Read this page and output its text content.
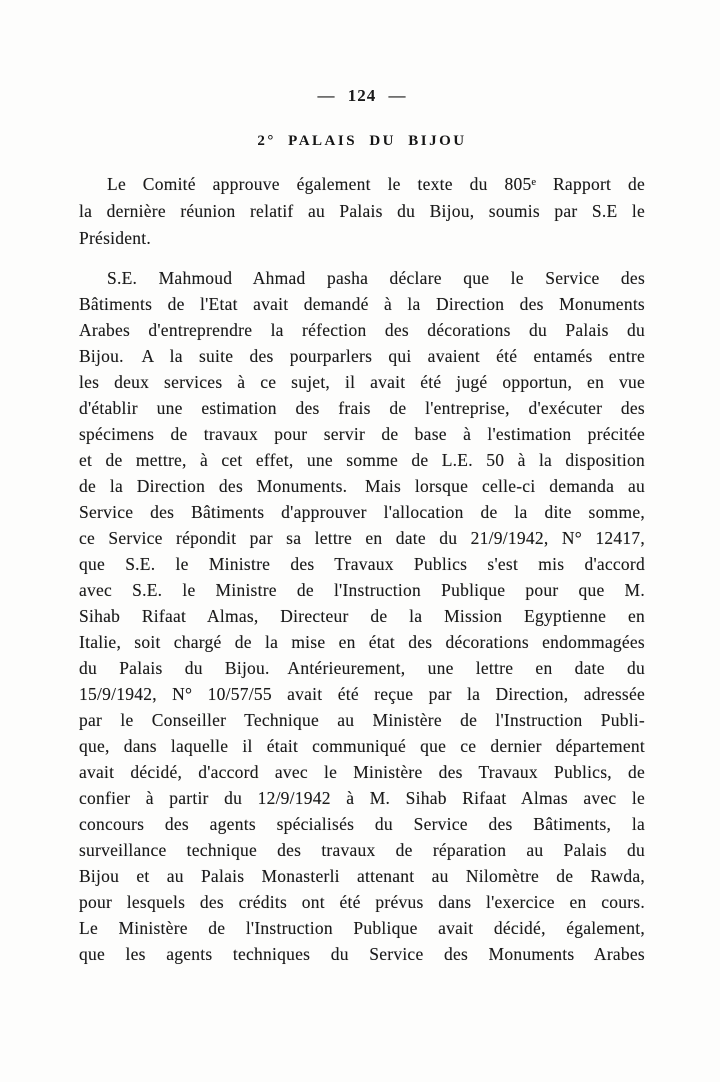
— 124 —
2° PALAIS DU BIJOU
Le Comité approuve également le texte du 805ᵉ Rapport de
la dernière réunion relatif au Palais du Bijou, soumis par S.E le
Président.
S.E. Mahmoud Ahmad pasha déclare que le Service des
Bâtiments de l'Etat avait demandé à la Direction des Monuments
Arabes d'entreprendre la réfection des décorations du Palais du
Bijou. A la suite des pourparlers qui avaient été entamés entre
les deux services à ce sujet, il avait été jugé opportun, en vue
d'établir une estimation des frais de l'entreprise, d'exécuter des
spécimens de travaux pour servir de base à l'estimation précitée
et de mettre, à cet effet, une somme de L.E. 50 à la disposition
de la Direction des Monuments. Mais lorsque celle-ci demanda au
Service des Bâtiments d'approuver l'allocation de la dite somme,
ce Service répondit par sa lettre en date du 21/9/1942, N° 12417,
que S.E. le Ministre des Travaux Publics s'est mis d'accord
avec S.E. le Ministre de l'Instruction Publique pour que M.
Sihab Rifaat Almas, Directeur de la Mission Egyptienne en
Italie, soit chargé de la mise en état des décorations endommagées
du Palais du Bijou. Antérieurement, une lettre en date du
15/9/1942, N° 10/57/55 avait été reçue par la Direction, adressée
par le Conseiller Technique au Ministère de l'Instruction Publi-
que, dans laquelle il était communiqué que ce dernier département
avait décidé, d'accord avec le Ministère des Travaux Publics, de
confier à partir du 12/9/1942 à M. Sihab Rifaat Almas avec le
concours des agents spécialisés du Service des Bâtiments, la
surveillance technique des travaux de réparation au Palais du
Bijou et au Palais Monasterli attenant au Nilomètre de Rawda,
pour lesquels des crédits ont été prévus dans l'exercice en cours.
Le Ministère de l'Instruction Publique avait décidé, également,
que les agents techniques du Service des Monuments Arabes
